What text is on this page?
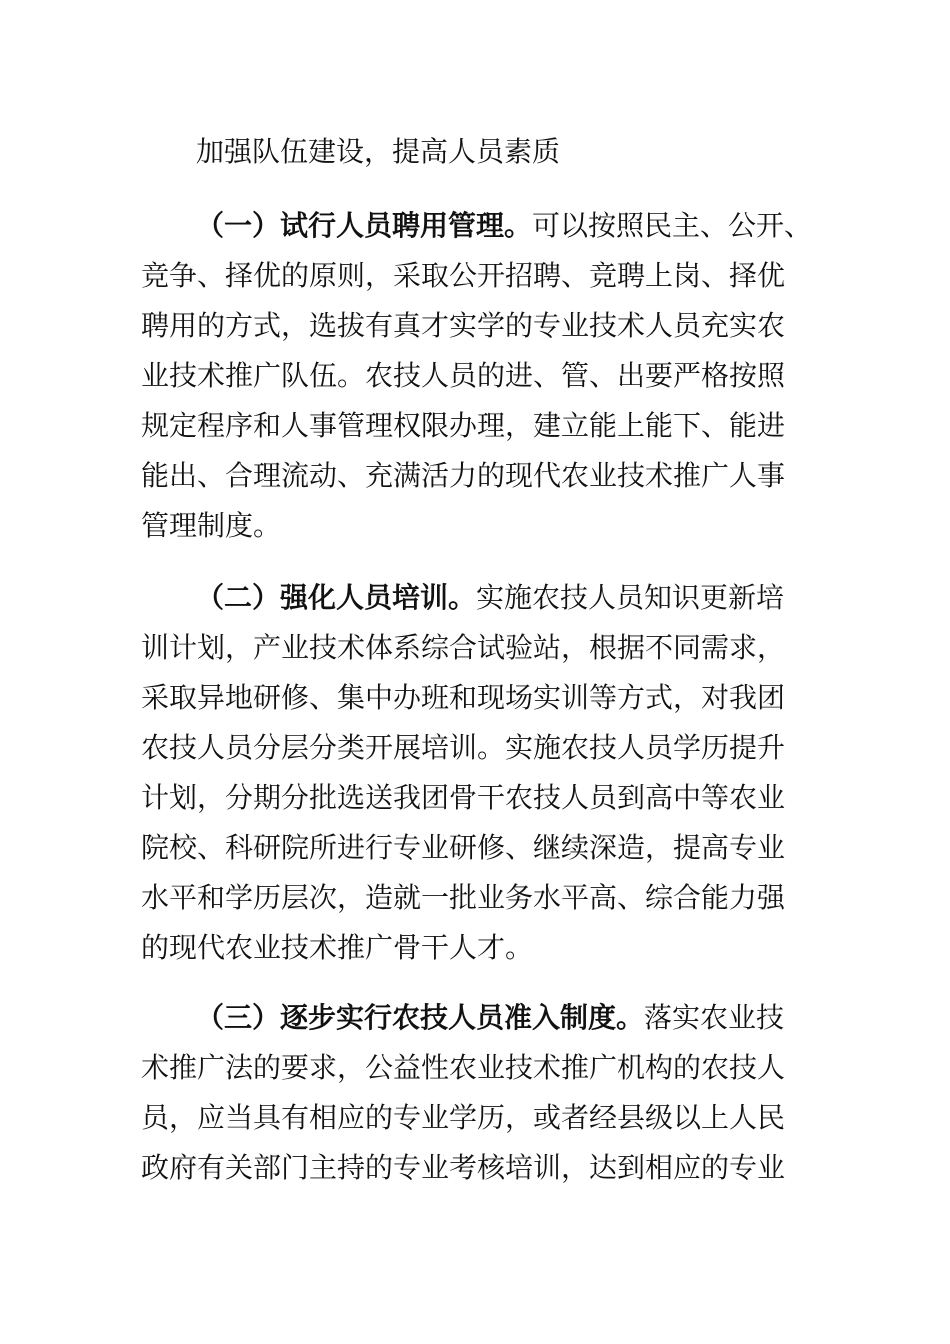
加强队伍建设，提高人员素质
（一）试行人员聘用管理。可以按照民主、公开、
竞争、择优的原则，采取公开招聘、竞聘上岗、择优
聘用的方式，选拔有真才实学的专业技术人员充实农
业技术推广队伍。农技人员的进、管、出要严格按照
规定程序和人事管理权限办理，建立能上能下、能进
能出、合理流动、充满活力的现代农业技术推广人事
管理制度。
（二）强化人员培训。实施农技人员知识更新培
训计划，产业技术体系综合试验站，根据不同需求，
采取异地研修、集中办班和现场实训等方式，对我团
农技人员分层分类开展培训。实施农技人员学历提升
计划，分期分批选送我团骨干农技人员到高中等农业
院校、科研院所进行专业研修、继续深造，提高专业
水平和学历层次，造就一批业务水平高、综合能力强
的现代农业技术推广骨干人才。
（三）逐步实行农技人员准入制度。落实农业技
术推广法的要求，公益性农业技术推广机构的农技人
员，应当具有相应的专业学历，或者经县级以上人民
政府有关部门主持的专业考核培训，达到相应的专业
